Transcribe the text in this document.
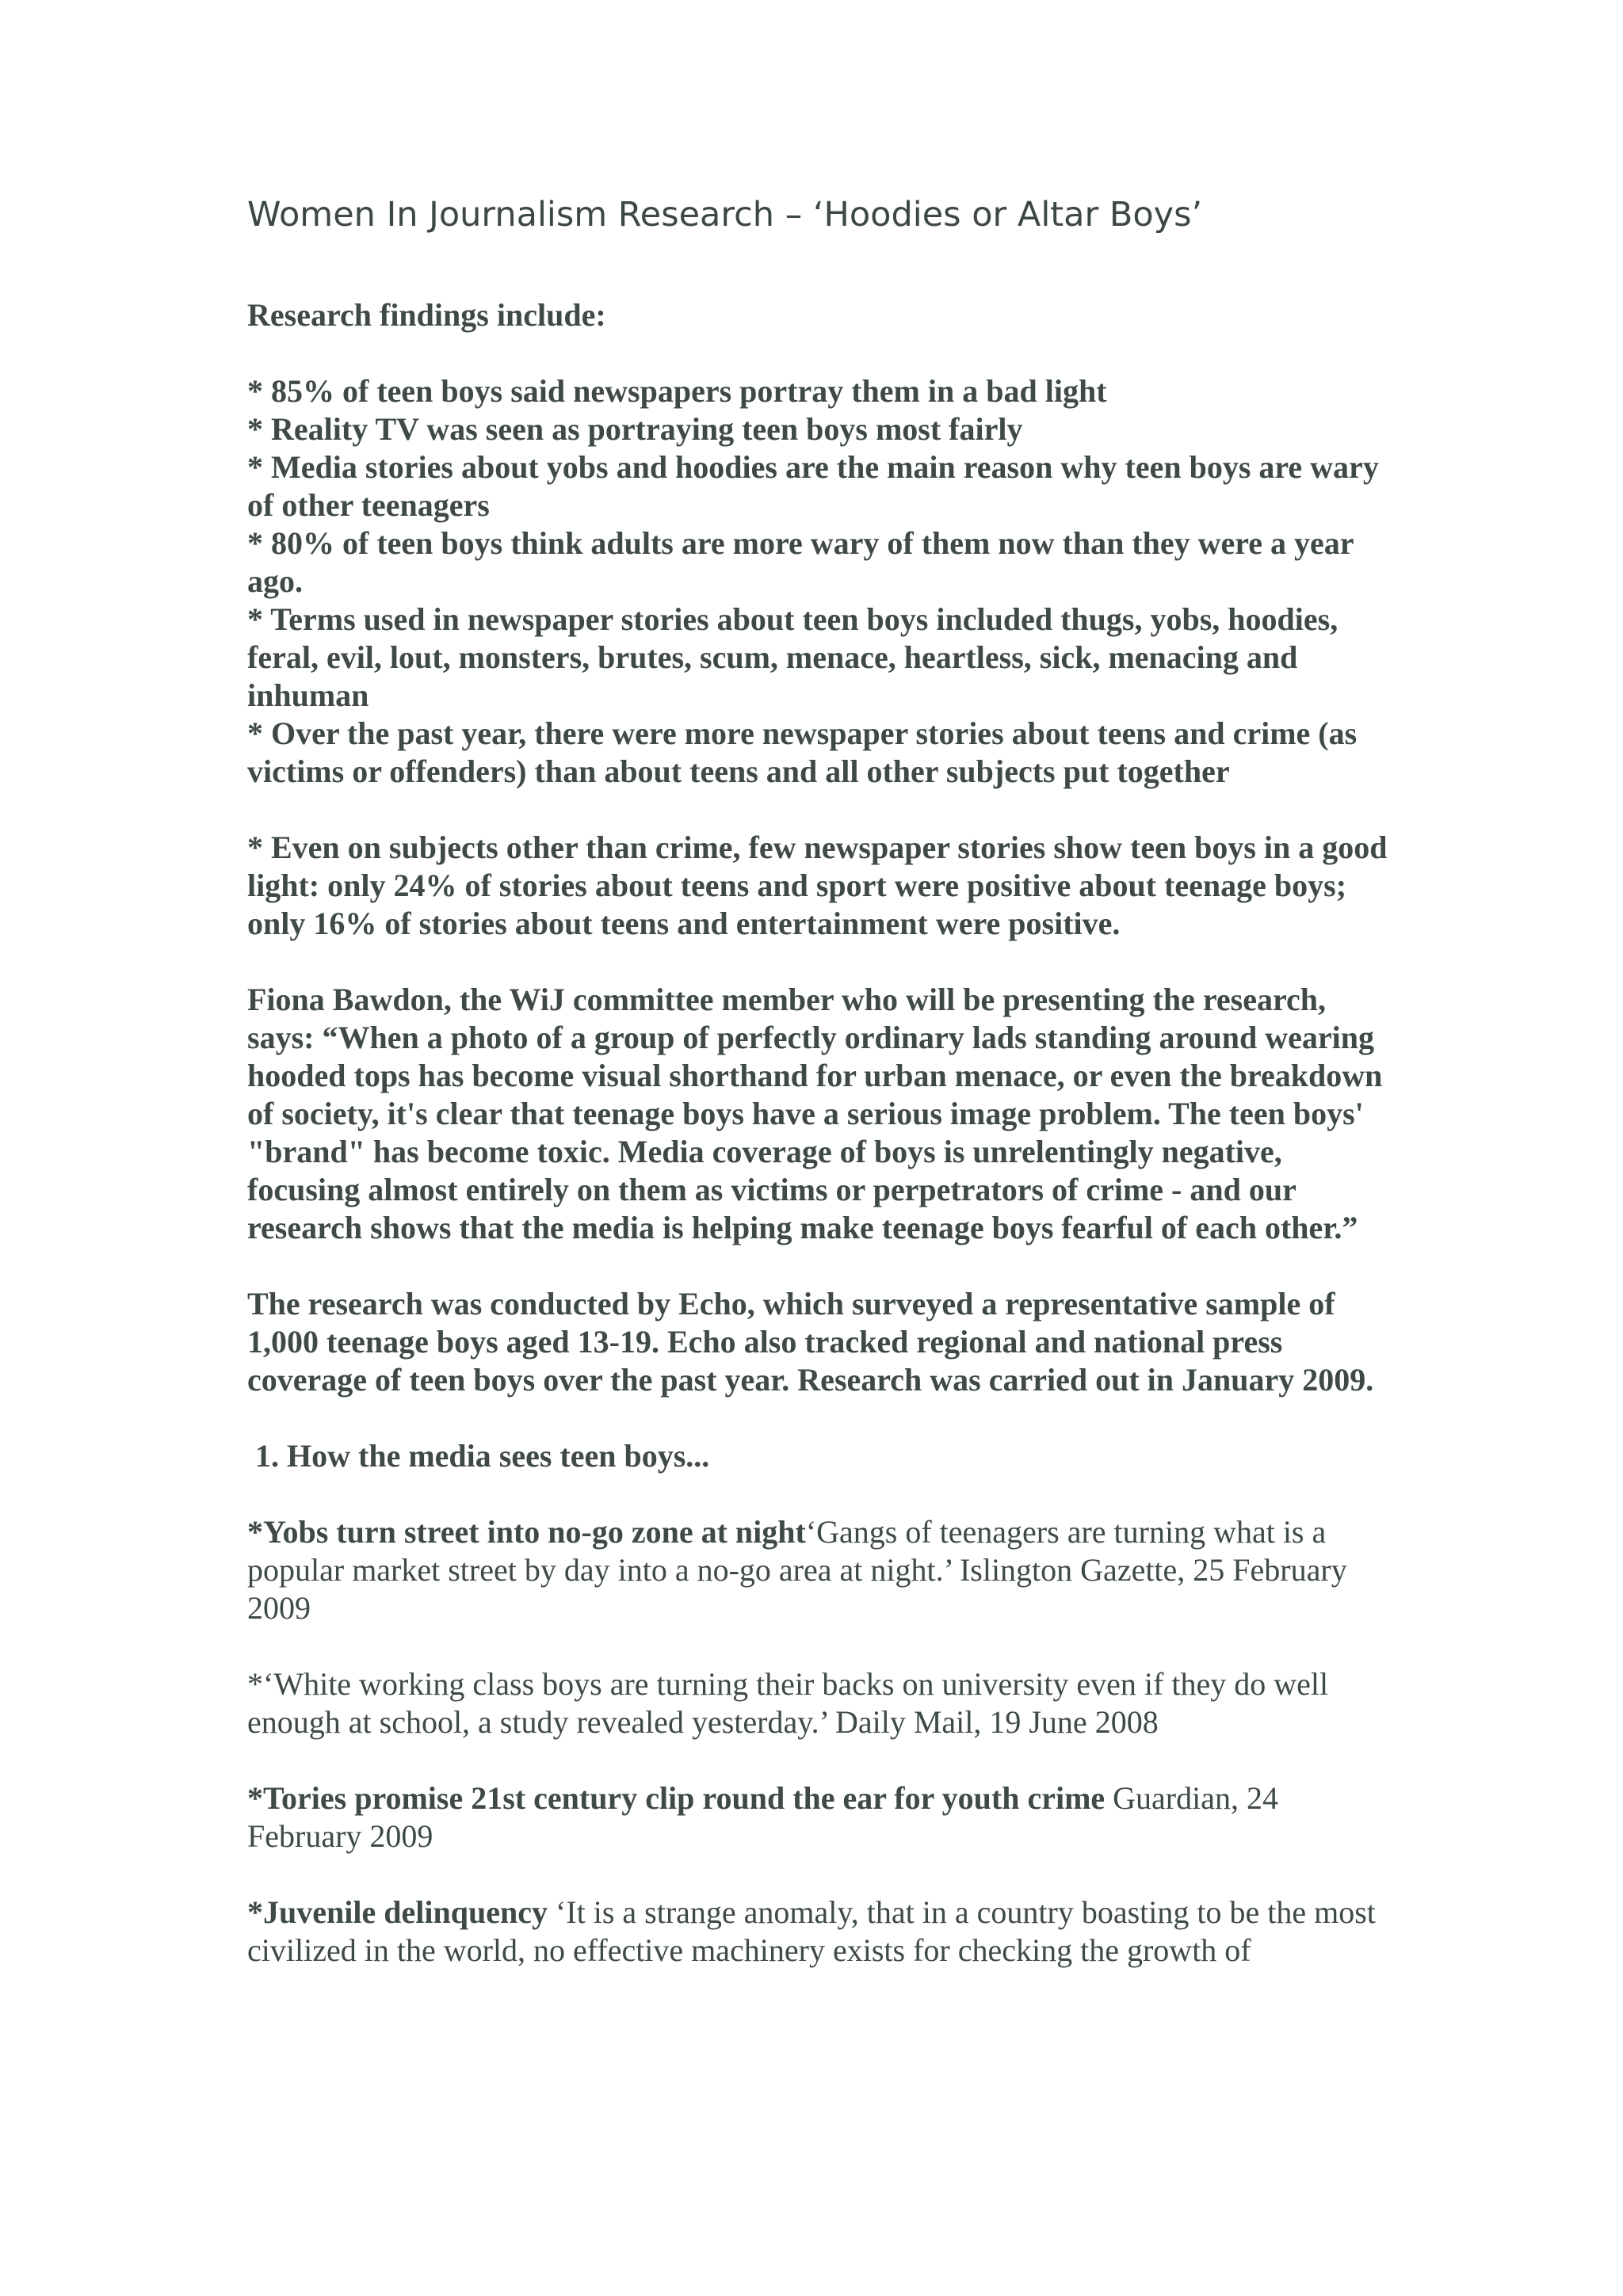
Women In Journalism Research – ‘Hoodies or Altar Boys’

Research findings include:

* 85% of teen boys said newspapers portray them in a bad light
* Reality TV was seen as portraying teen boys most fairly
* Media stories about yobs and hoodies are the main reason why teen boys are wary of other teenagers
* 80% of teen boys think adults are more wary of them now than they were a year ago.
* Terms used in newspaper stories about teen boys included thugs, yobs, hoodies, feral, evil, lout, monsters, brutes, scum, menace, heartless, sick, menacing and inhuman
* Over the past year, there were more newspaper stories about teens and crime (as victims or offenders) than about teens and all other subjects put together

* Even on subjects other than crime, few newspaper stories show teen boys in a good light: only 24% of stories about teens and sport were positive about teenage boys; only 16% of stories about teens and entertainment were positive.

Fiona Bawdon, the WiJ committee member who will be presenting the research, says: “When a photo of a group of perfectly ordinary lads standing around wearing hooded tops has become visual shorthand for urban menace, or even the breakdown of society, it's clear that teenage boys have a serious image problem. The teen boys' "brand" has become toxic. Media coverage of boys is unrelentingly negative, focusing almost entirely on them as victims or perpetrators of crime - and our research shows that the media is helping make teenage boys fearful of each other.”

The research was conducted by Echo, which surveyed a representative sample of 1,000 teenage boys aged 13-19. Echo also tracked regional and national press coverage of teen boys over the past year. Research was carried out in January 2009.

1. How the media sees teen boys...

*Yobs turn street into no-go zone at night‘Gangs of teenagers are turning what is a popular market street by day into a no-go area at night.’ Islington Gazette, 25 February 2009

*‘White working class boys are turning their backs on university even if they do well enough at school, a study revealed yesterday.’ Daily Mail, 19 June 2008

*Tories promise 21st century clip round the ear for youth crime Guardian, 24 February 2009

*Juvenile delinquency ‘It is a strange anomaly, that in a country boasting to be the most civilized in the world, no effective machinery exists for checking the growth of
